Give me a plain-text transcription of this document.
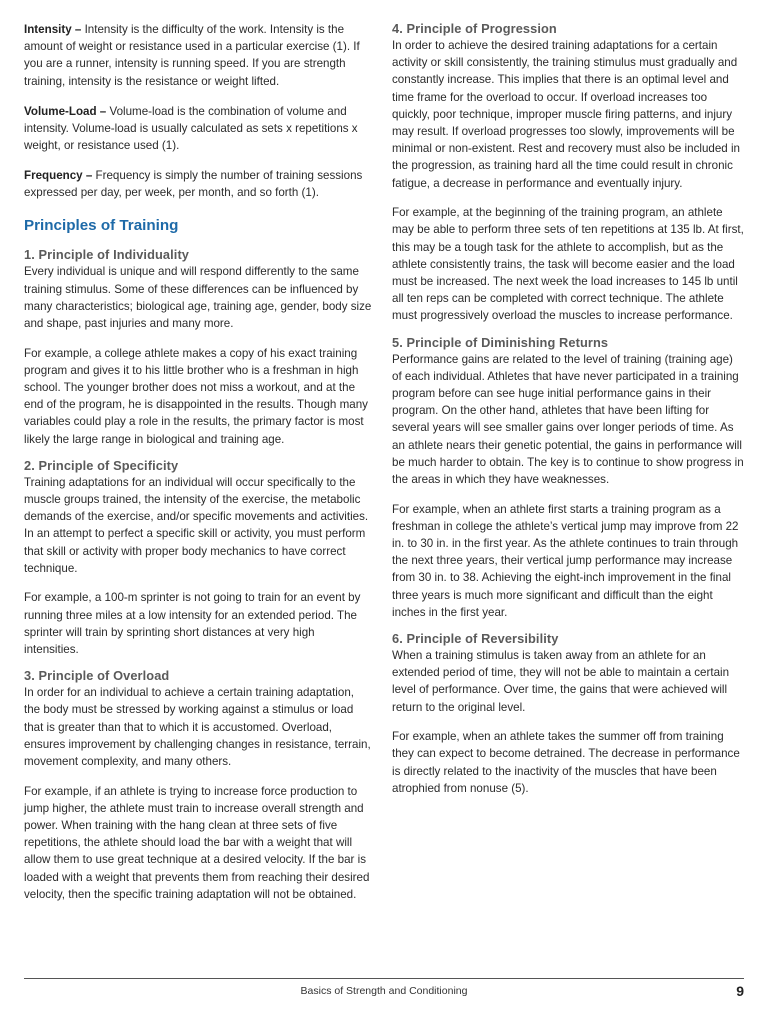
Intensity – Intensity is the difficulty of the work. Intensity is the amount of weight or resistance used in a particular exercise (1). If you are a runner, intensity is running speed. If you are strength training, intensity is the resistance or weight lifted.

Volume-Load – Volume-load is the combination of volume and intensity. Volume-load is usually calculated as sets x repetitions x weight, or resistance used (1).

Frequency – Frequency is simply the number of training sessions expressed per day, per week, per month, and so forth (1).

Principles of Training
1. Principle of Individuality

Every individual is unique and will respond differently to the same training stimulus. Some of these differences can be influenced by many characteristics; biological age, training age, gender, body size and shape, past injuries and many more.

For example, a college athlete makes a copy of his exact training program and gives it to his little brother who is a freshman in high school. The younger brother does not miss a workout, and at the end of the program, he is disappointed in the results. Though many variables could play a role in the results, the primary factor is most likely the large range in biological and training age.

2. Principle of Specificity

Training adaptations for an individual will occur specifically to the muscle groups trained, the intensity of the exercise, the metabolic demands of the exercise, and/or specific movements and activities. In an attempt to perfect a specific skill or activity, you must perform that skill or activity with proper body mechanics to have correct technique.

For example, a 100-m sprinter is not going to train for an event by running three miles at a low intensity for an extended period. The sprinter will train by sprinting short distances at very high intensities.

3. Principle of Overload

In order for an individual to achieve a certain training adaptation, the body must be stressed by working against a stimulus or load that is greater than that to which it is accustomed. Overload, ensures improvement by challenging changes in resistance, terrain, movement complexity, and many others.

For example, if an athlete is trying to increase force production to jump higher, the athlete must train to increase overall strength and power. When training with the hang clean at three sets of five repetitions, the athlete should load the bar with a weight that will allow them to use great technique at a desired velocity. If the bar is loaded with a weight that prevents them from reaching their desired velocity, then the specific training adaptation will not be obtained.

4. Principle of Progression

In order to achieve the desired training adaptations for a certain activity or skill consistently, the training stimulus must gradually and constantly increase. This implies that there is an optimal level and time frame for the overload to occur. If overload increases too quickly, poor technique, improper muscle firing patterns, and injury may result. If overload progresses too slowly, improvements will be minimal or non-existent. Rest and recovery must also be included in the progression, as training hard all the time could result in chronic fatigue, a decrease in performance and eventually injury.

For example, at the beginning of the training program, an athlete may be able to perform three sets of ten repetitions at 135 lb. At first, this may be a tough task for the athlete to accomplish, but as the athlete consistently trains, the task will become easier and the load must be increased. The next week the load increases to 145 lb until all ten reps can be completed with correct technique. The athlete must progressively overload the muscles to increase performance.

5. Principle of Diminishing Returns

Performance gains are related to the level of training (training age) of each individual. Athletes that have never participated in a training program before can see huge initial performance gains in their program. On the other hand, athletes that have been lifting for several years will see smaller gains over longer periods of time. As an athlete nears their genetic potential, the gains in performance will be much harder to obtain. The key is to continue to show progress in the areas in which they have weaknesses.

For example, when an athlete first starts a training program as a freshman in college the athlete’s vertical jump may improve from 22 in. to 30 in. in the first year. As the athlete continues to train through the next three years, their vertical jump performance may increase from 30 in. to 38. Achieving the eight-inch improvement in the final three years is much more significant and difficult than the eight inches in the first year.

6. Principle of Reversibility

When a training stimulus is taken away from an athlete for an extended period of time, they will not be able to maintain a certain level of performance. Over time, the gains that were achieved will return to the original level.

For example, when an athlete takes the summer off from training they can expect to become detrained. The decrease in performance is directly related to the inactivity of the muscles that have been atrophied from nonuse (5).

Basics of Strength and Conditioning	9
